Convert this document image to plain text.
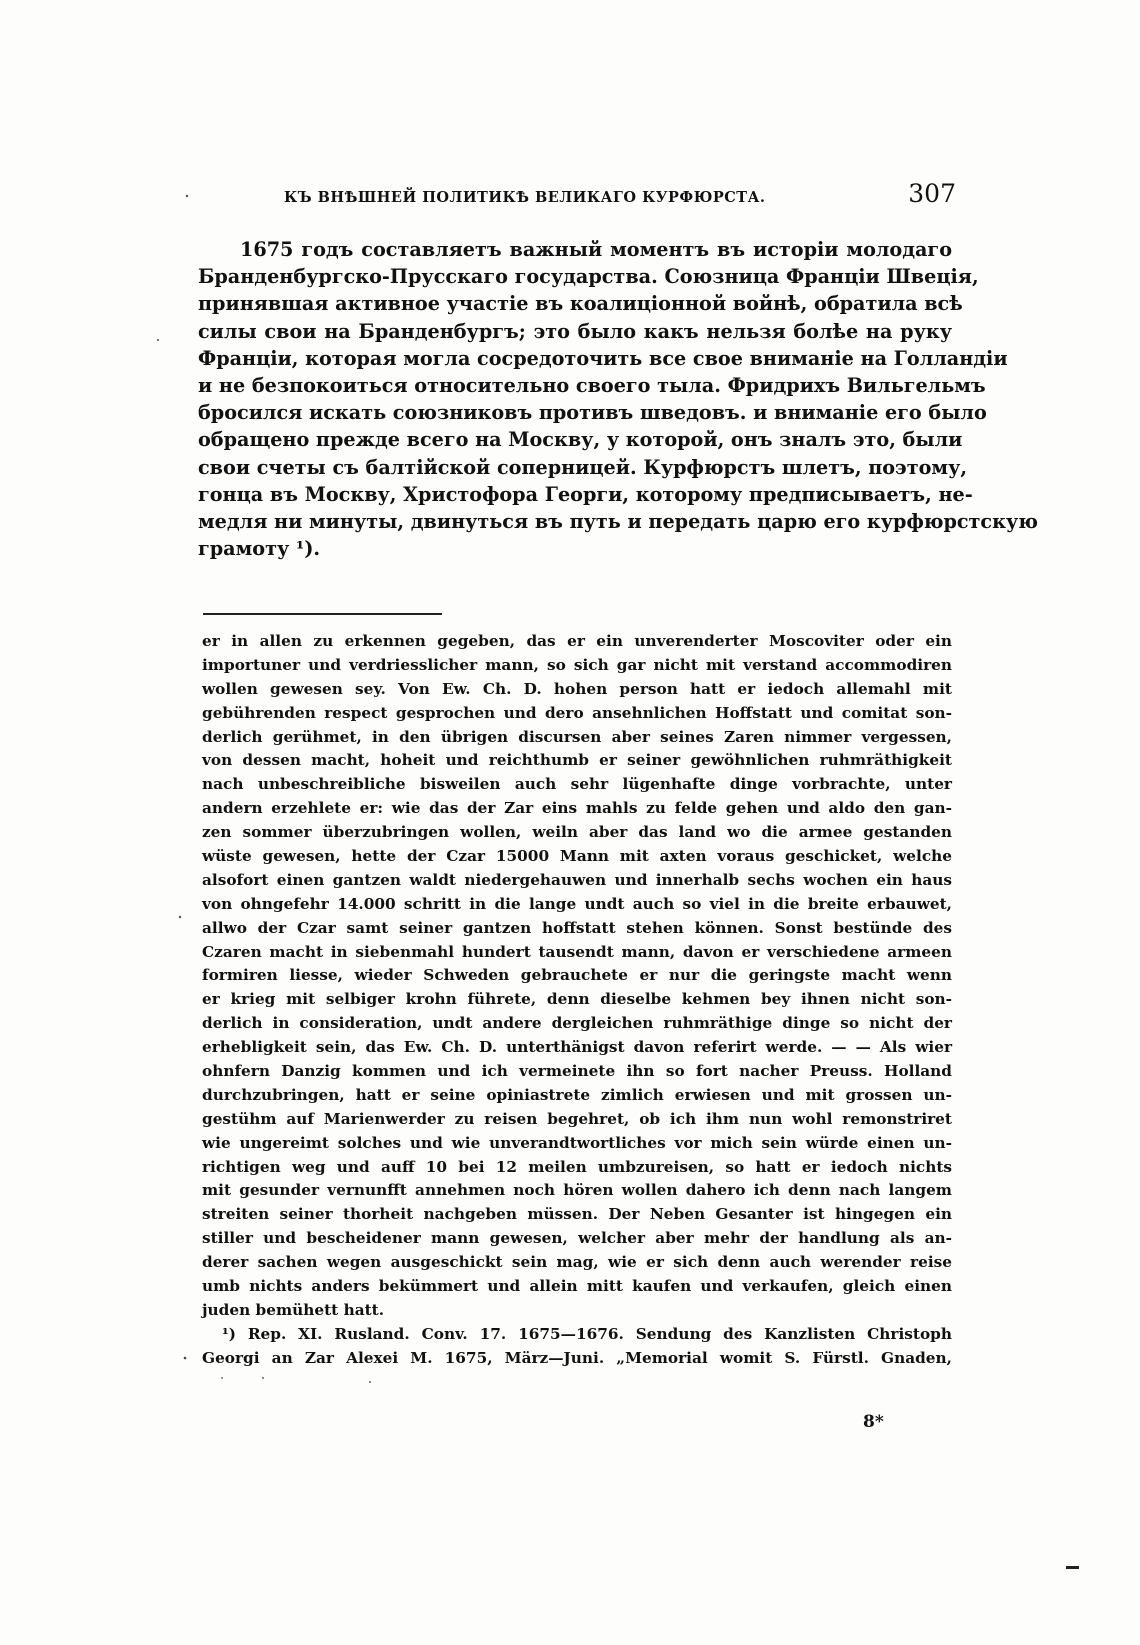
КЪ ВНѢШНЕЙ ПОЛИТИКѢ ВЕЛИКАГО КУРФЮРСТА.	307
1675 годъ составляетъ важный моментъ въ исторіи молодаго
Бранденбургско-Прусскаго государства. Союзница Франціи Швеція,
принявшая активное участіе въ коалиціонной войнѣ, обратила всѣ
силы свои на Бранденбургъ; это было какъ нельзя болѣе на руку
Франціи, которая могла сосредоточить все свое вниманіе на Голландіи
и не безпокоиться относительно своего тыла. Фридрихъ Вильгельмъ
бросился искать союзниковъ противъ шведовъ. и вниманіе его было
обращено прежде всего на Москву, у которой, онъ зналъ это, были
свои счеты съ балтійской соперницей. Курфюрстъ шлетъ, поэтому,
гонца въ Москву, Христофора Георги, которому предписываетъ, не-
медля ни минуты, двинуться въ путь и передать царю его курфюрстскую
грамоту ¹).
er in allen zu erkennen gegeben, das er ein unverenderter Moscoviter oder ein
importuner und verdriesslicher mann, so sich gar nicht mit verstand accommodiren
wollen gewesen sey. Von Ew. Ch. D. hohen person hatt er iedoch allemahl mit
gebührenden respect gesprochen und dero ansehnlichen Hoffstatt und comitat son-
derlich gerühmet, in den übrigen discursen aber seines Zaren nimmer vergessen,
von dessen macht, hoheit und reichthumb er seiner gewöhnlichen ruhmräthigkeit
nach unbeschreibliche bisweilen auch sehr lügenhafte dinge vorbrachte, unter
andern erzehlete er: wie das der Zar eins mahls zu felde gehen und aldo den gan-
zen sommer überzubringen wollen, weiln aber das land wo die armee gestanden
wüste gewesen, hette der Czar 15000 Mann mit axten voraus geschicket, welche
alsofort einen gantzen waldt niedergehauwen und innerhalb sechs wochen ein haus
von ohngefehr 14.000 schritt in die lange undt auch so viel in die breite erbauwet,
allwo der Czar samt seiner gantzen hoffstatt stehen können. Sonst bestünde des
Czaren macht in siebenmahl hundert tausendt mann, davon er verschiedene armeen
formiren liesse, wieder Schweden gebrauchete er nur die geringste macht wenn
er krieg mit selbiger krohn führete, denn dieselbe kehmen bey ihnen nicht son-
derlich in consideration, undt andere dergleichen ruhmräthige dinge so nicht der
erhebligkeit sein, das Ew. Ch. D. unterthänigst davon referirt werde. — — Als wier
ohnfern Danzig kommen und ich vermeinete ihn so fort nacher Preuss. Holland
durchzubringen, hatt er seine opiniastrete zimlich erwiesen und mit grossen un-
gestühm auf Marienwerder zu reisen begehret, ob ich ihm nun wohl remonstriret
wie ungereimt solches und wie unverandtwortliches vor mich sein würde einen un-
richtigen weg und auff 10 bei 12 meilen umbzureisen, so hatt er iedoch nichts
mit gesunder vernunfft annehmen noch hören wollen dahero ich denn nach langem
streiten seiner thorheit nachgeben müssen. Der Neben Gesanter ist hingegen ein
stiller und bescheidener mann gewesen, welcher aber mehr der handlung als an-
derer sachen wegen ausgeschickt sein mag, wie er sich denn auch werender reise
umb nichts anders bekümmert und allein mitt kaufen und verkaufen, gleich einen
juden bemühett hatt.
¹) Rep. XI. Rusland. Conv. 17. 1675—1676. Sendung des Kanzlisten Christoph
Georgi an Zar Alexei M. 1675, März—Juni. „Memorial womit S. Fürstl. Gnaden,
8*
